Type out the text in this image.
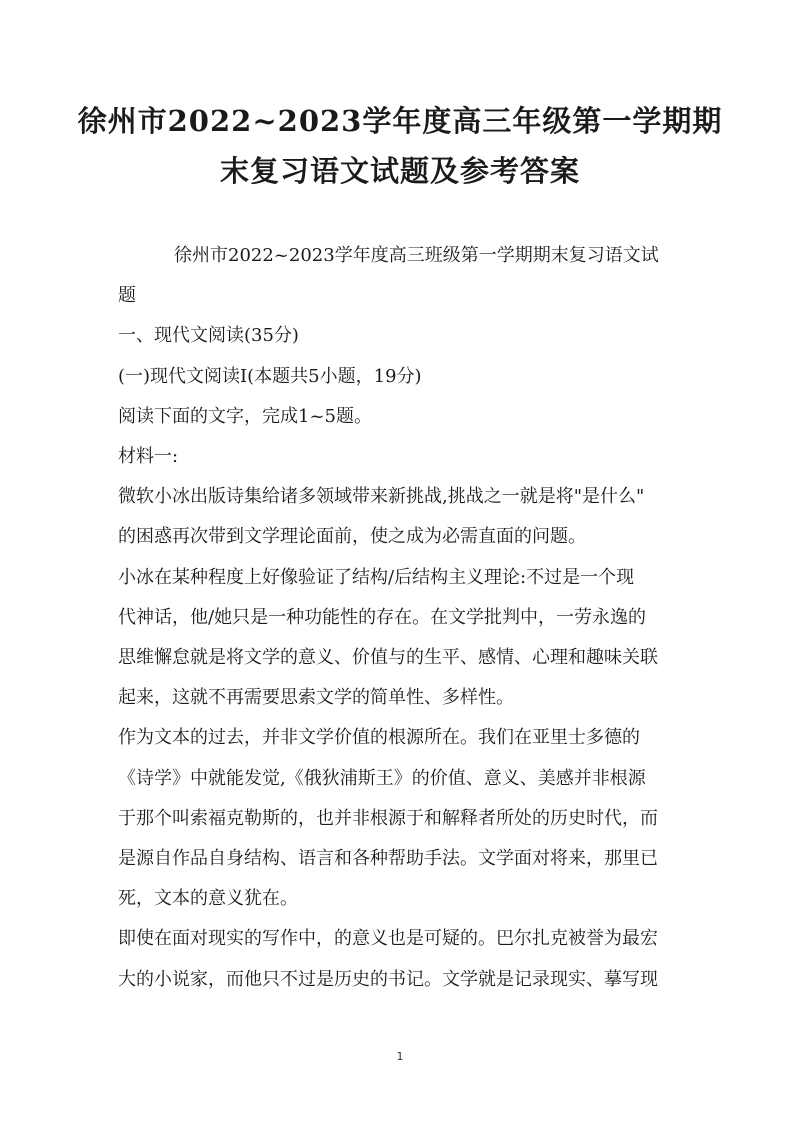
徐州市2022~2023学年度高三年级第一学期期
末复习语文试题及参考答案

徐州市2022~2023学年度高三班级第一学期期末复习语文试

题

一、现代文阅读(35分)

(一)现代文阅读Ⅰ(本题共5小题，19分)

阅读下面的文字，完成1~5题。

材料一:

微软小冰出版诗集给诸多领域带来新挑战,挑战之一就是将"是什么"

的困惑再次带到文学理论面前，使之成为必需直面的问题。

小冰在某种程度上好像验证了结构/后结构主义理论:不过是一个现

代神话，他/她只是一种功能性的存在。在文学批判中，一劳永逸的

思维懈怠就是将文学的意义、价值与的生平、感情、心理和趣味关联

起来，这就不再需要思索文学的简单性、多样性。

作为文本的过去，并非文学价值的根源所在。我们在亚里士多德的

《诗学》中就能发觉,《俄狄浦斯王》的价值、意义、美感并非根源

于那个叫索福克勒斯的，也并非根源于和解释者所处的历史时代，而

是源自作品自身结构、语言和各种帮助手法。文学面对将来，那里已

死，文本的意义犹在。

即使在面对现实的写作中，的意义也是可疑的。巴尔扎克被誉为最宏

大的小说家，而他只不过是历史的书记。文学就是记录现实、摹写现

1
